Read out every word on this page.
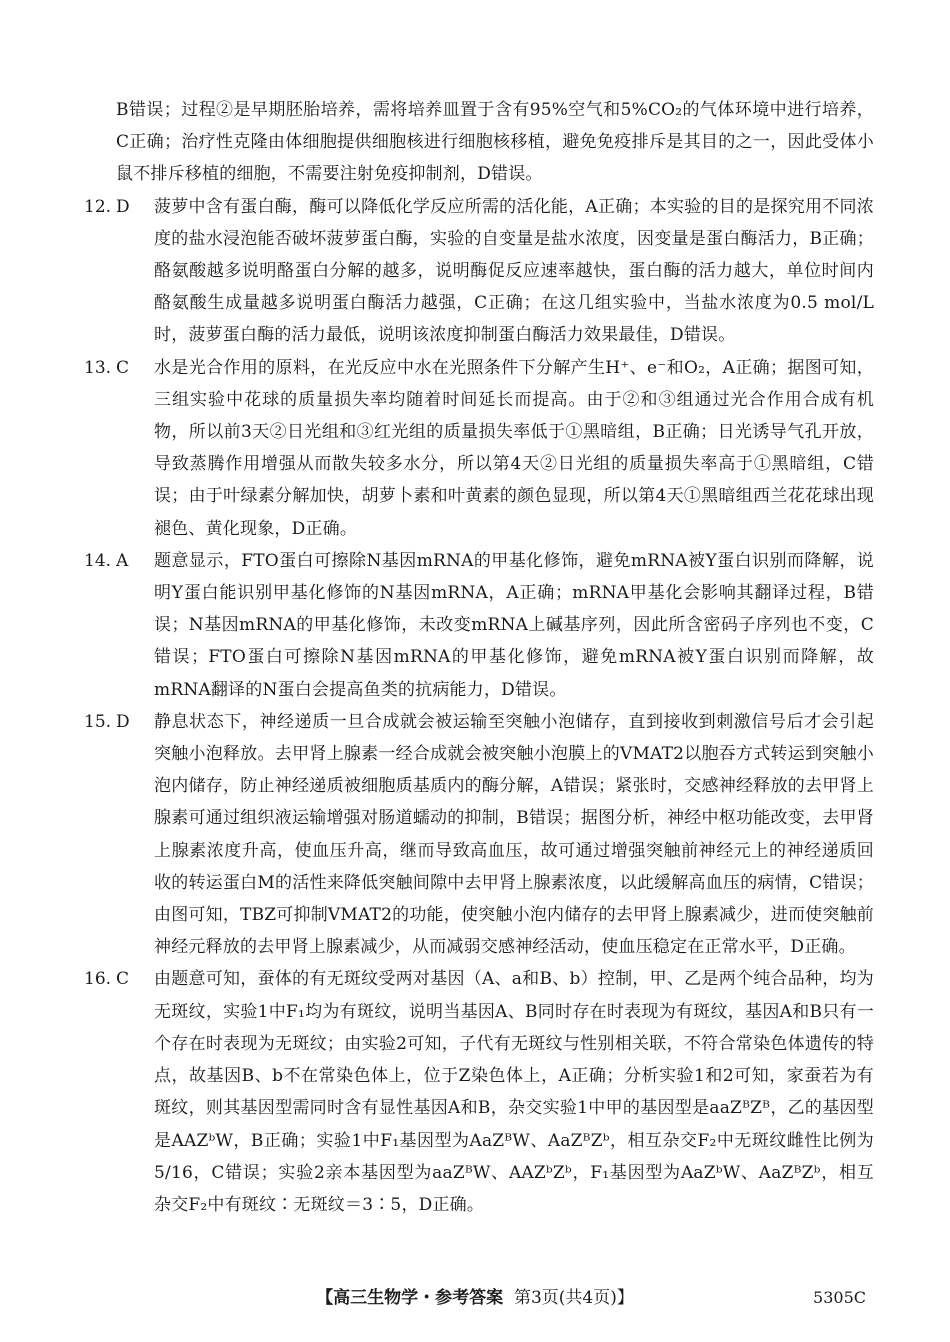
B错误；过程②是早期胚胎培养，需将培养皿置于含有95%空气和5%CO₂的气体环境中进行培养，C正确；治疗性克隆由体细胞提供细胞核进行细胞核移植，避免免疫排斥是其目的之一，因此受体小鼠不排斥移植的细胞，不需要注射免疫抑制剂，D错误。

12. D	菠萝中含有蛋白酶，酶可以降低化学反应所需的活化能，A正确；本实验的目的是探究用不同浓度的盐水浸泡能否破坏菠萝蛋白酶，实验的自变量是盐水浓度，因变量是蛋白酶活力，B正确；酪氨酸越多说明酪蛋白分解的越多，说明酶促反应速率越快，蛋白酶的活力越大，单位时间内酪氨酸生成量越多说明蛋白酶活力越强，C正确；在这几组实验中，当盐水浓度为0.5 mol/L时，菠萝蛋白酶的活力最低，说明该浓度抑制蛋白酶活力效果最佳，D错误。

13. C	水是光合作用的原料，在光反应中水在光照条件下分解产生H⁺、e⁻和O₂，A正确；据图可知，三组实验中花球的质量损失率均随着时间延长而提高。由于②和③组通过光合作用合成有机物，所以前3天②日光组和③红光组的质量损失率低于①黑暗组，B正确；日光诱导气孔开放，导致蒸腾作用增强从而散失较多水分，所以第4天②日光组的质量损失率高于①黑暗组，C错误；由于叶绿素分解加快，胡萝卜素和叶黄素的颜色显现，所以第4天①黑暗组西兰花花球出现褪色、黄化现象，D正确。

14. A	题意显示，FTO蛋白可擦除N基因mRNA的甲基化修饰，避免mRNA被Y蛋白识别而降解，说明Y蛋白能识别甲基化修饰的N基因mRNA，A正确；mRNA甲基化会影响其翻译过程，B错误；N基因mRNA的甲基化修饰，未改变mRNA上碱基序列，因此所含密码子序列也不变，C错误；FTO蛋白可擦除N基因mRNA的甲基化修饰，避免mRNA被Y蛋白识别而降解，故mRNA翻译的N蛋白会提高鱼类的抗病能力，D错误。

15. D	静息状态下，神经递质一旦合成就会被运输至突触小泡储存，直到接收到刺激信号后才会引起突触小泡释放。去甲肾上腺素一经合成就会被突触小泡膜上的VMAT2以胞吞方式转运到突触小泡内储存，防止神经递质被细胞质基质内的酶分解，A错误；紧张时，交感神经释放的去甲肾上腺素可通过组织液运输增强对肠道蠕动的抑制，B错误；据图分析，神经中枢功能改变，去甲肾上腺素浓度升高，使血压升高，继而导致高血压，故可通过增强突触前神经元上的神经递质回收的转运蛋白M的活性来降低突触间隙中去甲肾上腺素浓度，以此缓解高血压的病情，C错误；由图可知，TBZ可抑制VMAT2的功能，使突触小泡内储存的去甲肾上腺素减少，进而使突触前神经元释放的去甲肾上腺素减少，从而减弱交感神经活动，使血压稳定在正常水平，D正确。

16. C	由题意可知，蚕体的有无斑纹受两对基因（A、a和B、b）控制，甲、乙是两个纯合品种，均为无斑纹，实验1中F₁均为有斑纹，说明当基因A、B同时存在时表现为有斑纹，基因A和B只有一个存在时表现为无斑纹；由实验2可知，子代有无斑纹与性别相关联，不符合常染色体遗传的特点，故基因B、b不在常染色体上，位于Z染色体上，A正确；分析实验1和2可知，家蚕若为有斑纹，则其基因型需同时含有显性基因A和B，杂交实验1中甲的基因型是aaZᴮZᴮ，乙的基因型是AAZᵇW，B正确；实验1中F₁基因型为AaZᴮW、AaZᴮZᵇ，相互杂交F₂中无斑纹雌性比例为5/16，C错误；实验2亲本基因型为aaZᴮW、AAZᵇZᵇ，F₁基因型为AaZᵇW、AaZᴮZᵇ，相互杂交F₂中有斑纹∶无斑纹＝3∶5，D正确。

【高三生物学・参考答案 第3页(共4页)】	5305C
